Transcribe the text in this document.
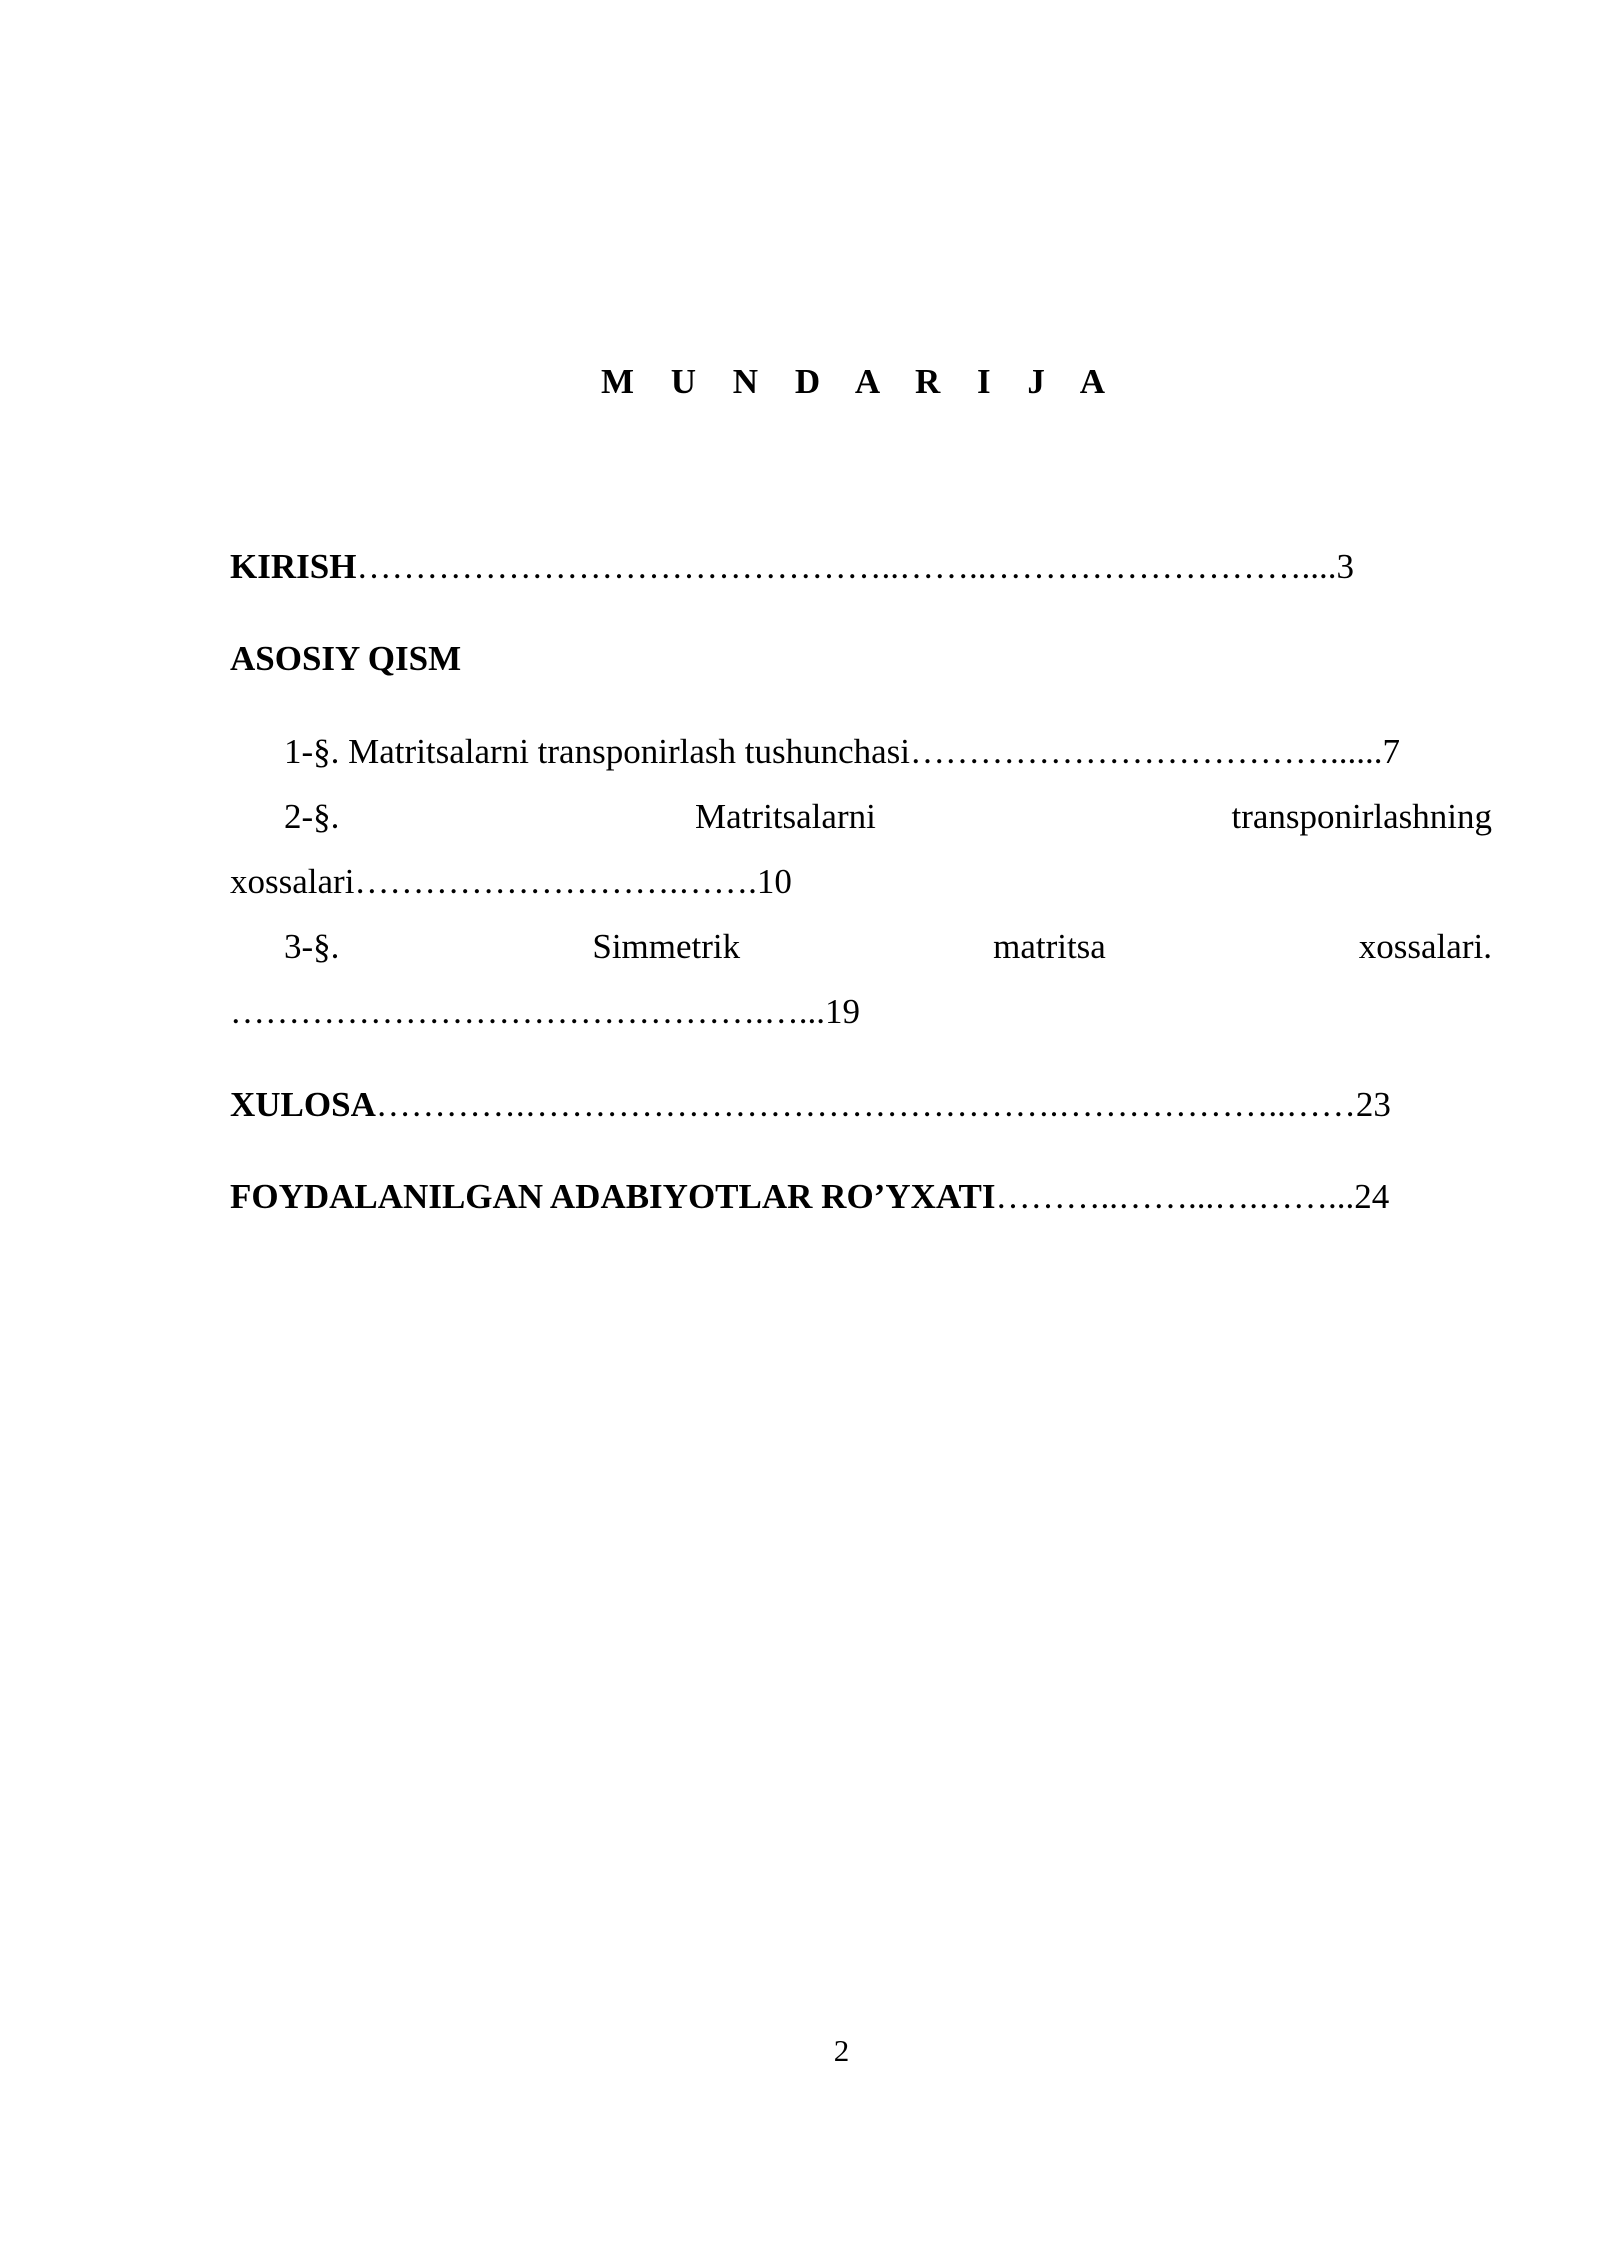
M U N D A R I J A
KIRISH………………………………………..……..………………………....3
ASOSIY QISM
1-§. Matritsalarni transponirlash tushunchasi………………………………......7
2-§.	Matritsalarni	transponirlashning
xossalari……………………….…….10
3-§.	Simmetrik	matritsa	xossalari.
……………………………………….…...19
XULOSA………….……………………………………….………………..……23
FOYDALANILGAN ADABIYOTLAR RO’YXATI………..……...….……...24
2
